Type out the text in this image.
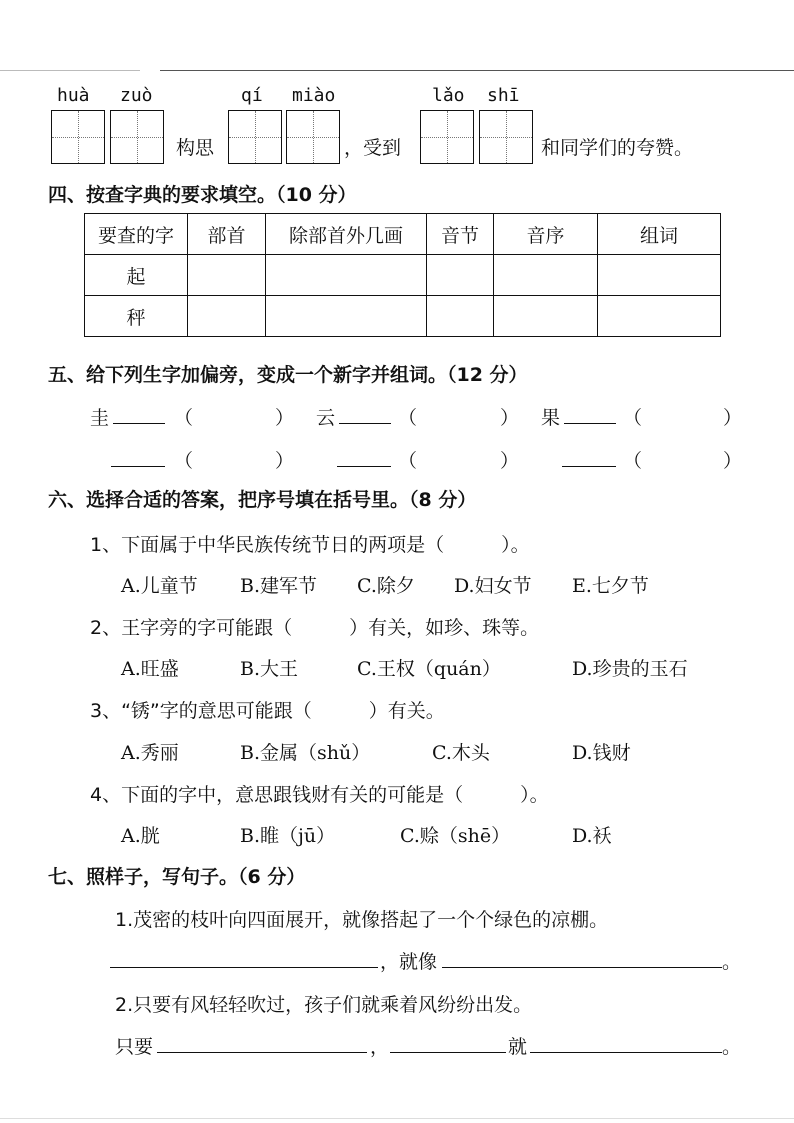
huà zuò	qí miào	lǎo shī
构思	，受到	和同学们的夸赞。
四、按查字典的要求填空。（10 分）
要查的字	部首	除部首外几画	音节	音序	组词
起					
秤					
五、给下列生字加偏旁，变成一个新字并组词。（12 分）
圭	（	） 云	（	） 果	（	）
（	）	（	）	（	）
六、选择合适的答案，把序号填在括号里。（8 分）
1、下面属于中华民族传统节日的两项是（　　　）。
A.儿童节 B.建军节 C.除夕 D.妇女节 E.七夕节
2、王字旁的字可能跟（　　　）有关，如珍、珠等。
A.旺盛	B.大王	C.王权（quán）	D.珍贵的玉石
3、“锈”字的意思可能跟（　　　）有关。
A.秀丽	B.金属（shǔ）	C.木头	D.钱财
4、下面的字中，意思跟钱财有关的可能是（　　　）。
A.胱	B.睢（jū）	C.赊（shē）	D.袄
七、照样子，写句子。（6 分）
1.茂密的枝叶向四面展开，就像搭起了一个个绿色的凉棚。
，就像	。
2.只要有风轻轻吹过，孩子们就乘着风纷纷出发。
只要	，	就	。
